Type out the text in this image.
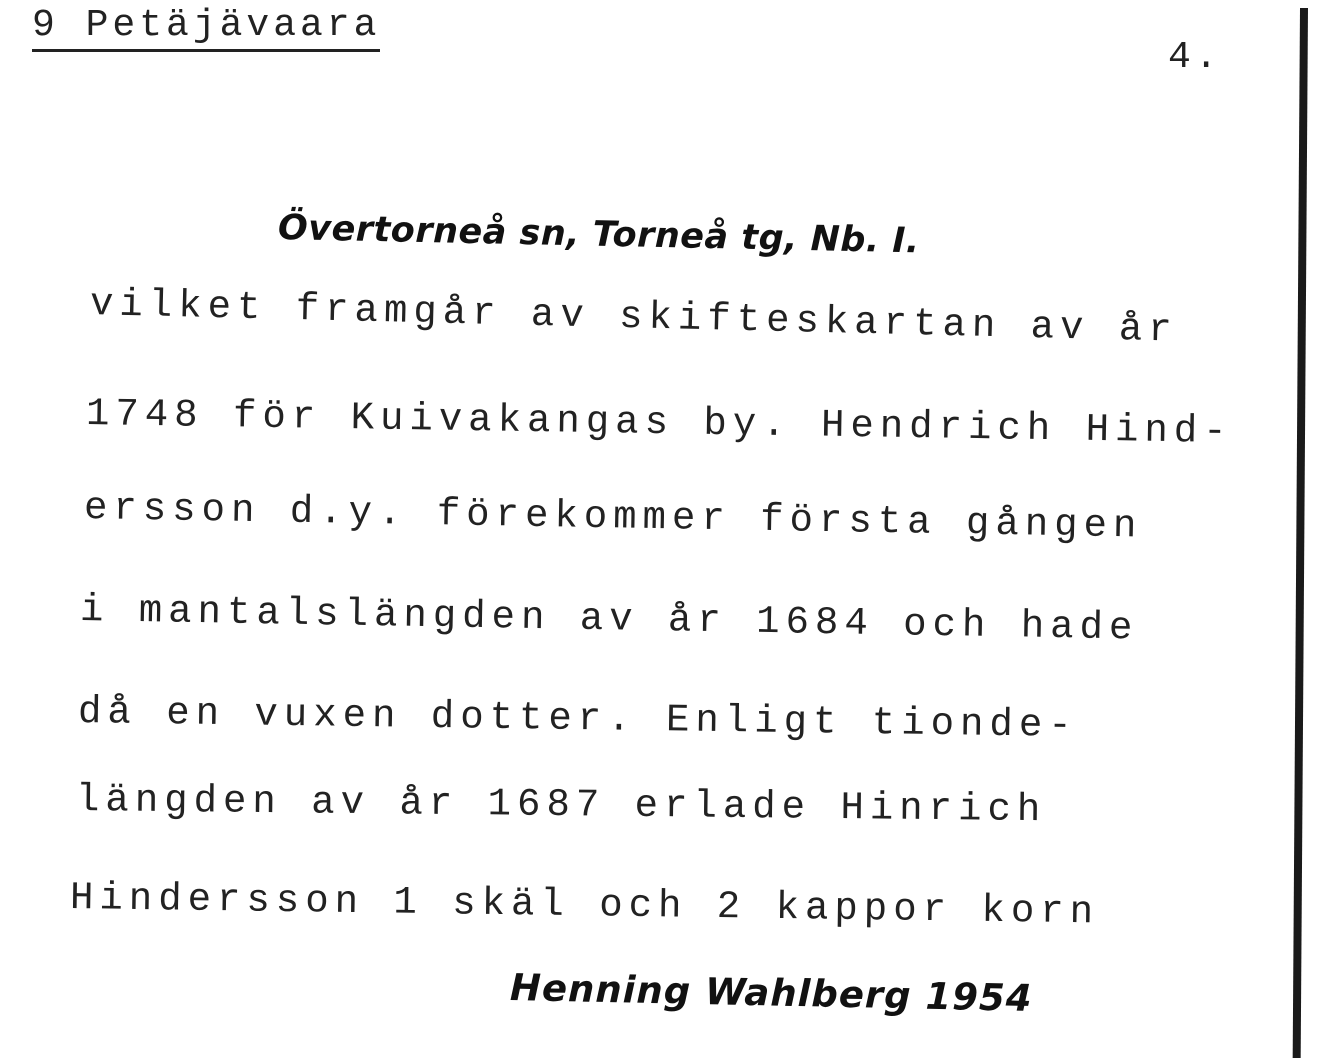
9 Petäjävaara
4.
Övertorneå sn, Torneå tg, Nb. I.
vilket framgår av skifteskartan av år
1748 för Kuivakangas by. Hendrich Hind-
ersson d.y. förekommer första gången
i mantalslängden av år 1684 och hade
då en vuxen dotter. Enligt tionde-
längden av år 1687 erlade Hinrich
Hindersson 1 skäl och 2 kappor korn
Henning Wahlberg 1954
